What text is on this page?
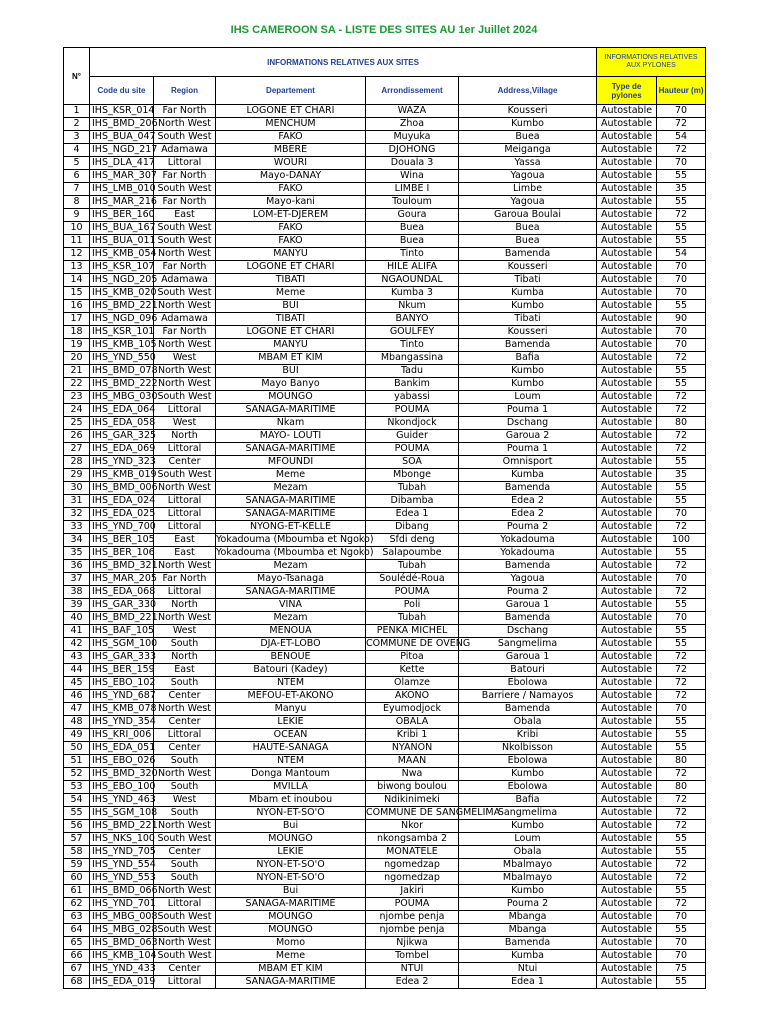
IHS CAMEROON SA - LISTE DES SITES AU 1er Juillet 2024
N°	INFORMATIONS RELATIVES AUX SITES					INFORMATIONS RELATIVES AUX PYLONES	
	Code du site	Region	Departement	Arrondissement	Address,Village	Type de pylones	Hauteur (m)
1	IHS_KSR_014	Far North	LOGONE ET CHARI	WAZA	Kousseri	Autostable	70
2	IHS_BMD_206	North West	MENCHUM	Zhoa	Kumbo	Autostable	72
3	IHS_BUA_047	South West	FAKO	Muyuka	Buea	Autostable	54
4	IHS_NGD_217	Adamawa	MBERE	DJOHONG	Meiganga	Autostable	72
5	IHS_DLA_417	Littoral	WOURI	Douala 3	Yassa	Autostable	70
6	IHS_MAR_307	Far North	Mayo-DANAY	Wina	Yagoua	Autostable	55
7	IHS_LMB_010	South West	FAKO	LIMBE I	Limbe	Autostable	35
8	IHS_MAR_216	Far North	Mayo-kani	Touloum	Yagoua	Autostable	55
9	IHS_BER_160	East	LOM-ET-DJEREM	Goura	Garoua Boulai	Autostable	72
10	IHS_BUA_167	South West	FAKO	Buea	Buea	Autostable	55
11	IHS_BUA_011	South West	FAKO	Buea	Buea	Autostable	55
12	IHS_KMB_054	North West	MANYU	Tinto	Bamenda	Autostable	54
13	IHS_KSR_107	Far North	LOGONE ET CHARI	HILE ALIFA	Kousseri	Autostable	70
14	IHS_NGD_205	Adamawa	TIBATI	NGAOUNDAL	Tibati	Autostable	70
15	IHS_KMB_020	South West	Meme	Kumba 3	Kumba	Autostable	70
16	IHS_BMD_221	North West	BUI	Nkum	Kumbo	Autostable	55
17	IHS_NGD_096	Adamawa	TIBATI	BANYO	Tibati	Autostable	90
18	IHS_KSR_101	Far North	LOGONE ET CHARI	GOULFEY	Kousseri	Autostable	70
19	IHS_KMB_105	North West	MANYU	Tinto	Bamenda	Autostable	70
20	IHS_YND_550	West	MBAM ET KIM	Mbangassina	Bafia	Autostable	72
21	IHS_BMD_078	North West	BUI	Tadu	Kumbo	Autostable	55
22	IHS_BMD_222	North West	Mayo Banyo	Bankim	Kumbo	Autostable	55
23	IHS_MBG_030	South West	MOUNGO	yabassi	Loum	Autostable	72
24	IHS_EDA_064	Littoral	SANAGA-MARITIME	POUMA	Pouma 1	Autostable	72
25	IHS_EDA_058	West	Nkam	Nkondjock	Dschang	Autostable	80
26	IHS_GAR_325	North	MAYO- LOUTI	Guider	Garoua 2	Autostable	72
27	IHS_EDA_069	Littoral	SANAGA-MARITIME	POUMA	Pouma 1	Autostable	72
28	IHS_YND_323	Center	MFOUNDI	SOA	Omnisport	Autostable	55
29	IHS_KMB_019	South West	Meme	Mbonge	Kumba	Autostable	35
30	IHS_BMD_006	North West	Mezam	Tubah	Bamenda	Autostable	55
31	IHS_EDA_024	Littoral	SANAGA-MARITIME	Dibamba	Edea 2	Autostable	55
32	IHS_EDA_025	Littoral	SANAGA-MARITIME	Edea 1	Edea 2	Autostable	70
33	IHS_YND_700	Littoral	NYONG-ET-KELLE	Dibang	Pouma 2	Autostable	72
34	IHS_BER_105	East	Yokadouma (Mboumba et Ngoko)	Sfdi deng	Yokadouma	Autostable	100
35	IHS_BER_106	East	Yokadouma (Mboumba et Ngoko)	Salapoumbe	Yokadouma	Autostable	55
36	IHS_BMD_321	North West	Mezam	Tubah	Bamenda	Autostable	72
37	IHS_MAR_205	Far North	Mayo-Tsanaga	Soulédé-Roua	Yagoua	Autostable	70
38	IHS_EDA_068	Littoral	SANAGA-MARITIME	POUMA	Pouma 2	Autostable	72
39	IHS_GAR_330	North	VINA	Poli	Garoua 1	Autostable	55
40	IHS_BMD_221	North West	Mezam	Tubah	Bamenda	Autostable	70
41	IHS_BAF_105	West	MENOUA	PENKA MICHEL	Dschang	Autostable	55
42	IHS_SGM_100	South	DJA-ET-LOBO	COMMUNE DE OVENG	Sangmelima	Autostable	55
43	IHS_GAR_333	North	BENOUE	Pitoa	Garoua 1	Autostable	72
44	IHS_BER_159	East	Batouri (Kadey)	Kette	Batouri	Autostable	72
45	IHS_EBO_102	South	NTEM	Olamze	Ebolowa	Autostable	72
46	IHS_YND_687	Center	MEFOU-ET-AKONO	AKONO	Barriere / Namayos	Autostable	72
47	IHS_KMB_078	North West	Manyu	Eyumodjock	Bamenda	Autostable	70
48	IHS_YND_354	Center	LEKIE	OBALA	Obala	Autostable	55
49	IHS_KRI_006	Littoral	OCEAN	Kribi 1	Kribi	Autostable	55
50	IHS_EDA_051	Center	HAUTE-SANAGA	NYANON	Nkolbisson	Autostable	55
51	IHS_EBO_026	South	NTEM	MAAN	Ebolowa	Autostable	80
52	IHS_BMD_320	North West	Donga Mantoum	Nwa	Kumbo	Autostable	72
53	IHS_EBO_100	South	MVILLA	biwong boulou	Ebolowa	Autostable	80
54	IHS_YND_463	West	Mbam et inoubou	Ndikinimeki	Bafia	Autostable	72
55	IHS_SGM_108	South	NYON-ET-SO'O	COMMUNE DE SANGMELIMA	Sangmelima	Autostable	72
56	IHS_BMD_221	North West	Bui	Nkor	Kumbo	Autostable	72
57	IHS_NKS_100	South West	MOUNGO	nkongsamba 2	Loum	Autostable	55
58	IHS_YND_705	Center	LEKIE	MONATELE	Obala	Autostable	55
59	IHS_YND_554	South	NYON-ET-SO'O	ngomedzap	Mbalmayo	Autostable	72
60	IHS_YND_553	South	NYON-ET-SO'O	ngomedzap	Mbalmayo	Autostable	72
61	IHS_BMD_066	North West	Bui	Jakiri	Kumbo	Autostable	55
62	IHS_YND_701	Littoral	SANAGA-MARITIME	POUMA	Pouma 2	Autostable	72
63	IHS_MBG_008	South West	MOUNGO	njombe penja	Mbanga	Autostable	70
64	IHS_MBG_028	South West	MOUNGO	njombe penja	Mbanga	Autostable	55
65	IHS_BMD_063	North West	Momo	Njikwa	Bamenda	Autostable	70
66	IHS_KMB_104	South West	Meme	Tombel	Kumba	Autostable	70
67	IHS_YND_433	Center	MBAM ET KIM	NTUI	Ntui	Autostable	75
68	IHS_EDA_019	Littoral	SANAGA-MARITIME	Edea 2	Edea 1	Autostable	55
